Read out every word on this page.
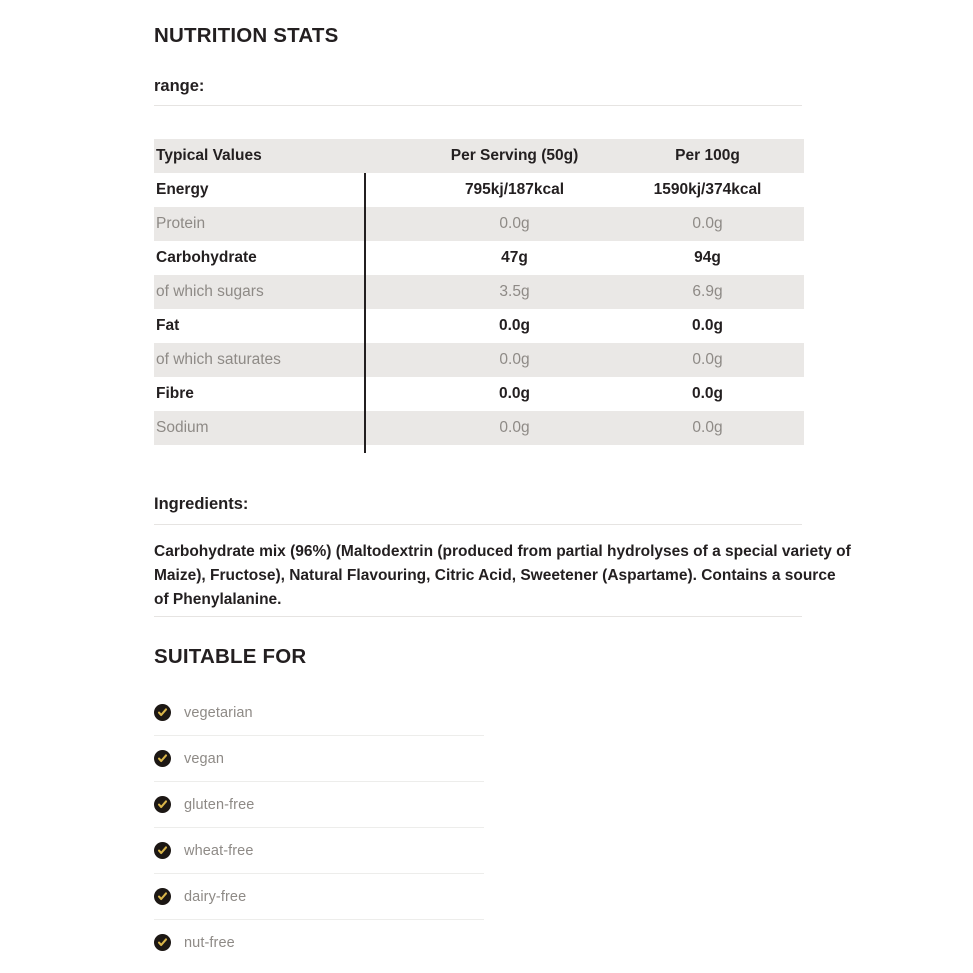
NUTRITION STATS
range:
Typical Values	Per Serving (50g)	Per 100g
Energy	795kj/187kcal	1590kj/374kcal
Protein	0.0g	0.0g
Carbohydrate	47g	94g
of which sugars	3.5g	6.9g
Fat	0.0g	0.0g
of which saturates	0.0g	0.0g
Fibre	0.0g	0.0g
Sodium	0.0g	0.0g
Ingredients:
Carbohydrate mix (96%) (Maltodextrin (produced from partial hydrolyses of a special variety of Maize), Fructose), Natural Flavouring, Citric Acid, Sweetener (Aspartame). Contains a source of Phenylalanine.
SUITABLE FOR
vegetarian
vegan
gluten-free
wheat-free
dairy-free
nut-free
